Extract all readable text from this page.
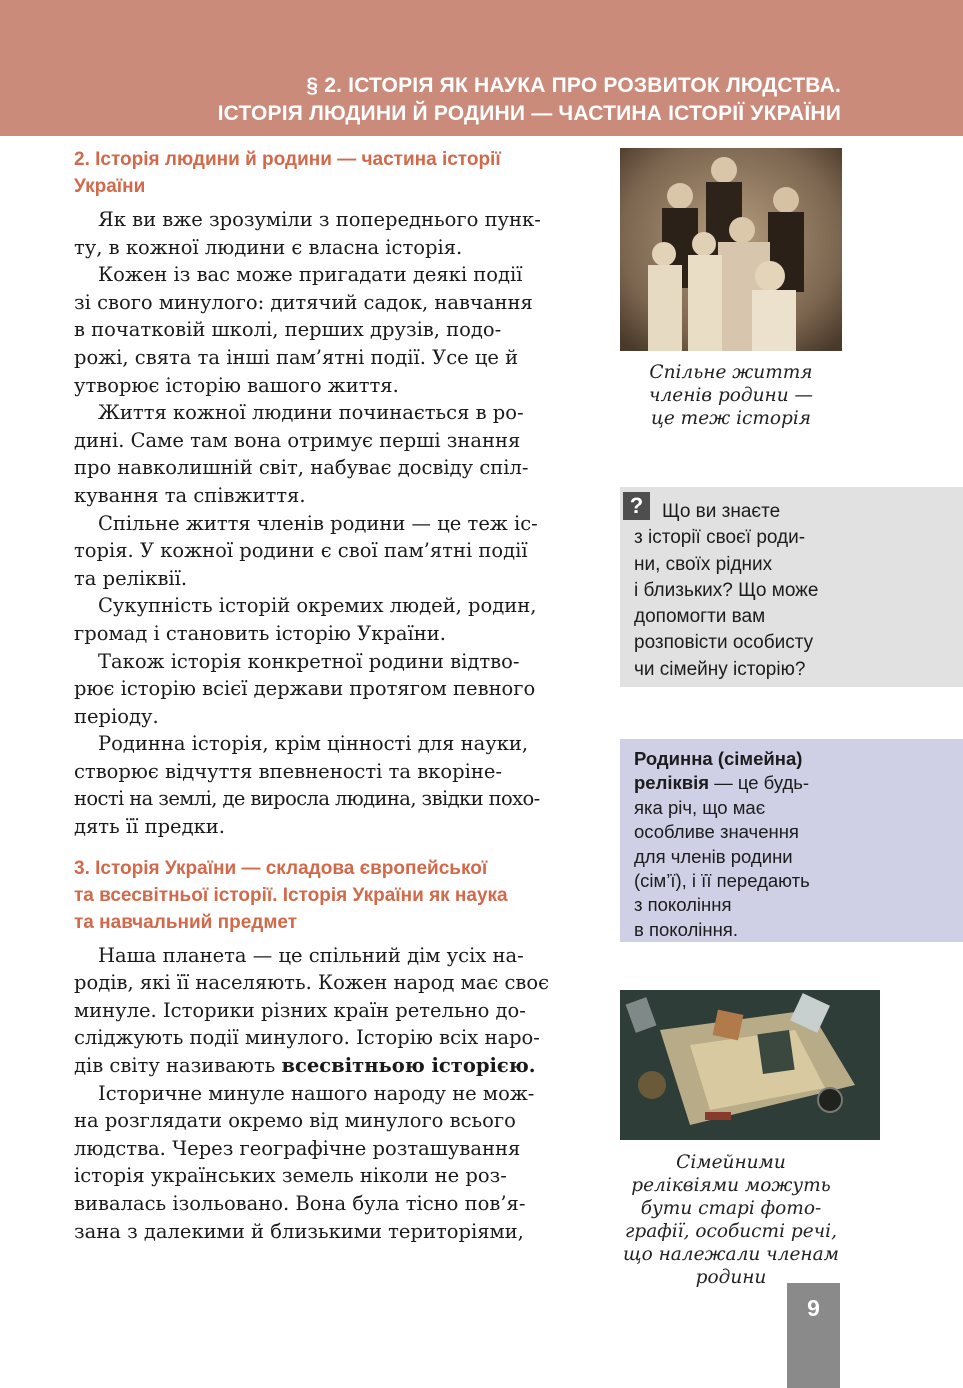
§ 2. ІСТОРІЯ ЯК НАУКА ПРО РОЗВИТОК ЛЮДСТВА.
ІСТОРІЯ ЛЮДИНИ Й РОДИНИ — ЧАСТИНА ІСТОРІЇ УКРАЇНИ
2. Історія людини й родини — частина історії
України
Як ви вже зрозуміли з попереднього пунк-
ту, в кожної людини є власна історія.
Кожен із вас може пригадати деякі події
зі свого минулого: дитячий садок, навчання
в початковій школі, перших друзів, подо-
рожі, свята та інші пам’ятні події. Усе це й
утворює історію вашого життя.
Життя кожної людини починається в ро-
дині. Саме там вона отримує перші знання
про навколишній світ, набуває досвіду спіл-
кування та співжиття.
Спільне життя членів родини — це теж іс-
торія. У кожної родини є свої пам’ятні події
та реліквії.
Сукупність історій окремих людей, родин,
громад і становить історію України.
Також історія конкретної родини відтво-
рює історію всієї держави протягом певного
періоду.
Родинна історія, крім цінності для науки,
створює відчуття впевненості та вкоріне-
ності на землі, де виросла людина, звідки похо-
дять її предки.
3. Історія України — складова європейської
та всесвітньої історії. Історія України як наука
та навчальний предмет
Наша планета — це спільний дім усіх на-
родів, які її населяють. Кожен народ має своє
минуле. Історики різних країн ретельно до-
сліджують події минулого. Історію всіх наро-
дів світу називають всесвітньою історією.
Історичне минуле нашого народу не мож-
на розглядати окремо від минулого всього
людства. Через географічне розташування
історія українських земель ніколи не роз-
вивалась ізольовано. Вона була тісно пов’я-
зана з далекими й близькими територіями,
Спільне життя
членів родини —
це теж історія
? Що ви знаєте
з історії своєї роди-
ни, своїх рідних
і близьких? Що може
допомогти вам
розповісти особисту
чи сімейну історію?
Родинна (сімейна)
реліквія — це будь-
яка річ, що має
особливе значення
для членів родини
(сім’ї), і її передають
з покоління
в покоління.
Сімейними
реліквіями можуть
бути старі фото-
графії, особисті речі,
що належали членам
родини
9
